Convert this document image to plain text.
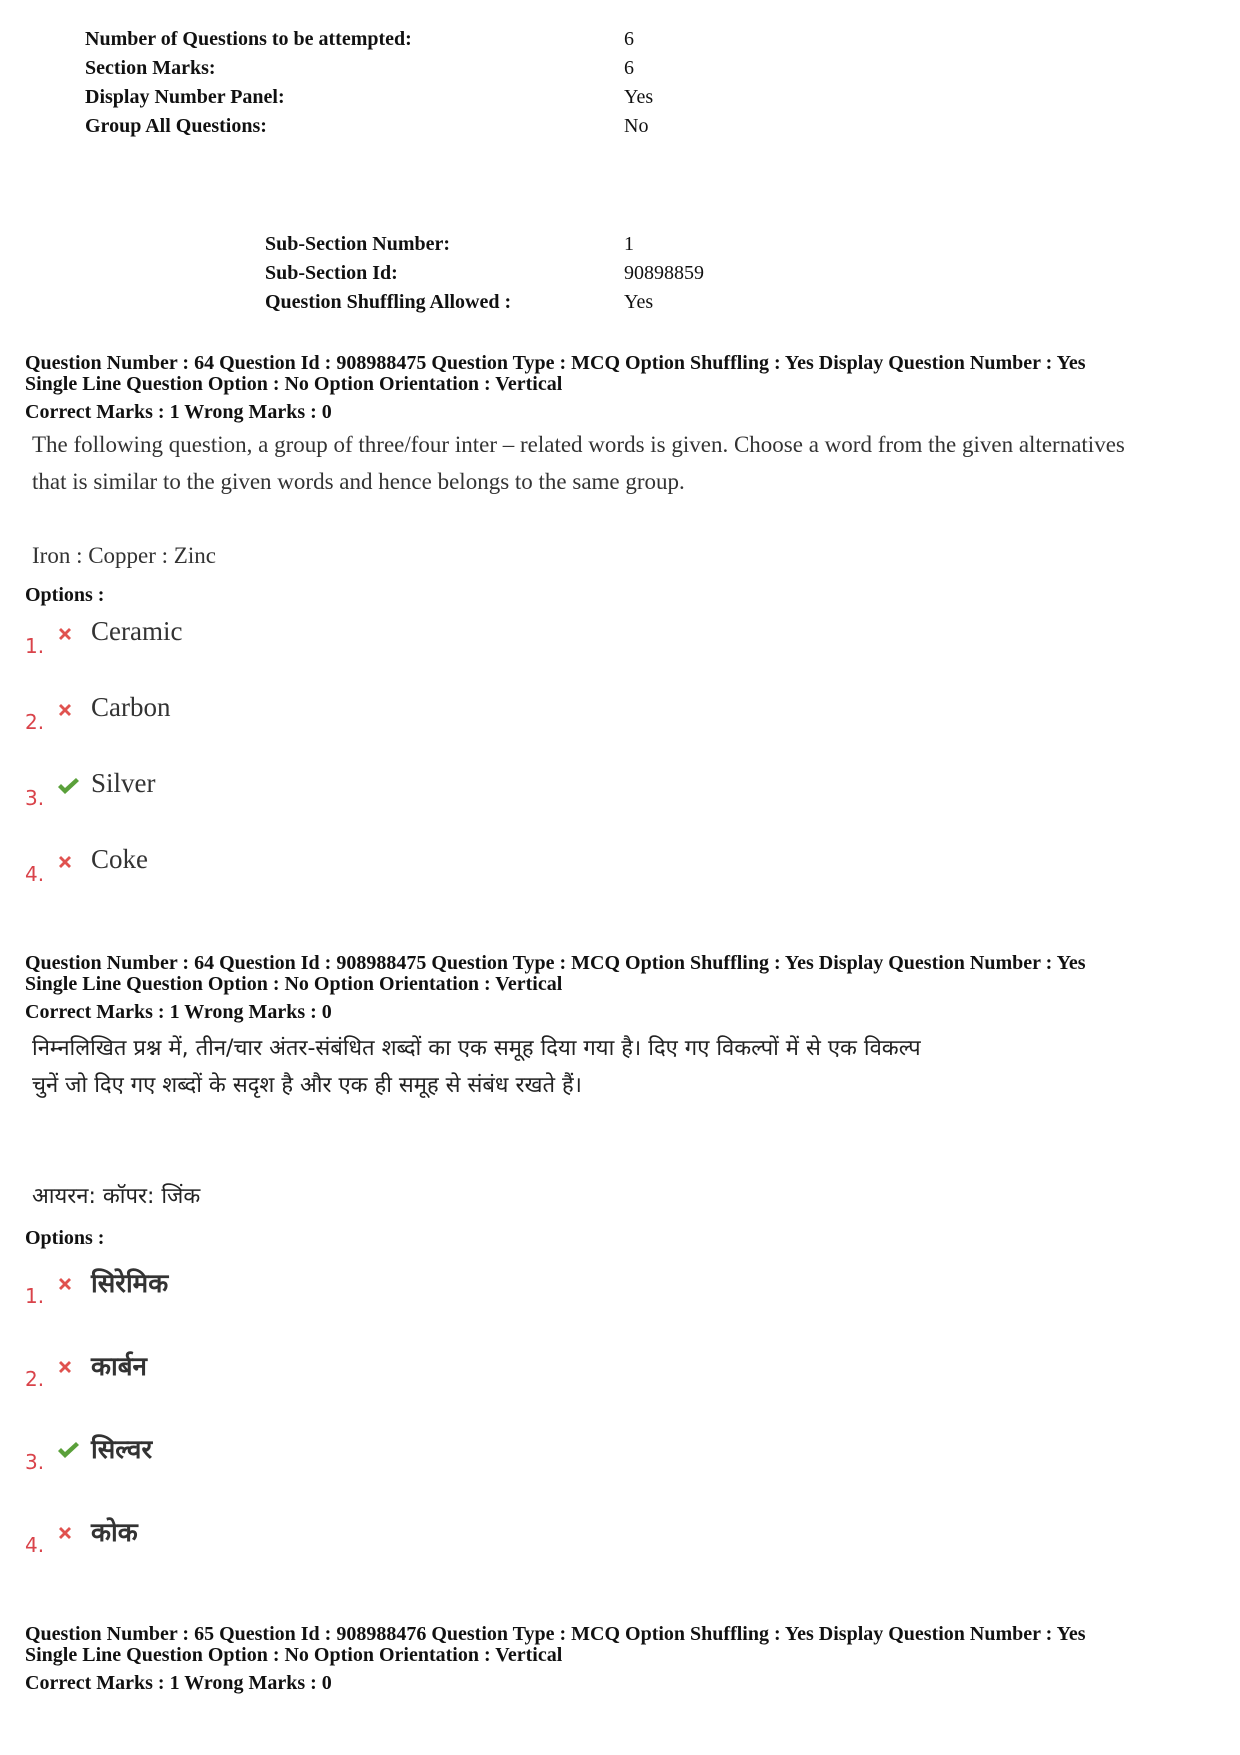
Number of Questions to be attempted:	6
Section Marks:	6
Display Number Panel:	Yes
Group All Questions:	No
Sub-Section Number:	1
Sub-Section Id:	90898859
Question Shuffling Allowed :	Yes
Question Number : 64 Question Id : 908988475 Question Type : MCQ Option Shuffling : Yes Display Question Number : Yes
Single Line Question Option : No Option Orientation : Vertical
Correct Marks : 1 Wrong Marks : 0
The following question, a group of three/four inter – related words is given. Choose a word from the given alternatives
that is similar to the given words and hence belongs to the same group.
Iron : Copper : Zinc
Options :
1. Ceramic
2. Carbon
3. Silver
4. Coke
Question Number : 64 Question Id : 908988475 Question Type : MCQ Option Shuffling : Yes Display Question Number : Yes
Single Line Question Option : No Option Orientation : Vertical
Correct Marks : 1 Wrong Marks : 0
निम्नलिखित प्रश्न में, तीन/चार अंतर-संबंधित शब्दों का एक समूह दिया गया है। दिए गए विकल्पों में से एक विकल्प
चुनें जो दिए गए शब्दों के सदृश है और एक ही समूह से संबंध रखते हैं।
आयरन: कॉपर: जिंक
Options :
1. सिरेमिक
2. कार्बन
3. सिल्वर
4. कोक
Question Number : 65 Question Id : 908988476 Question Type : MCQ Option Shuffling : Yes Display Question Number : Yes
Single Line Question Option : No Option Orientation : Vertical
Correct Marks : 1 Wrong Marks : 0
